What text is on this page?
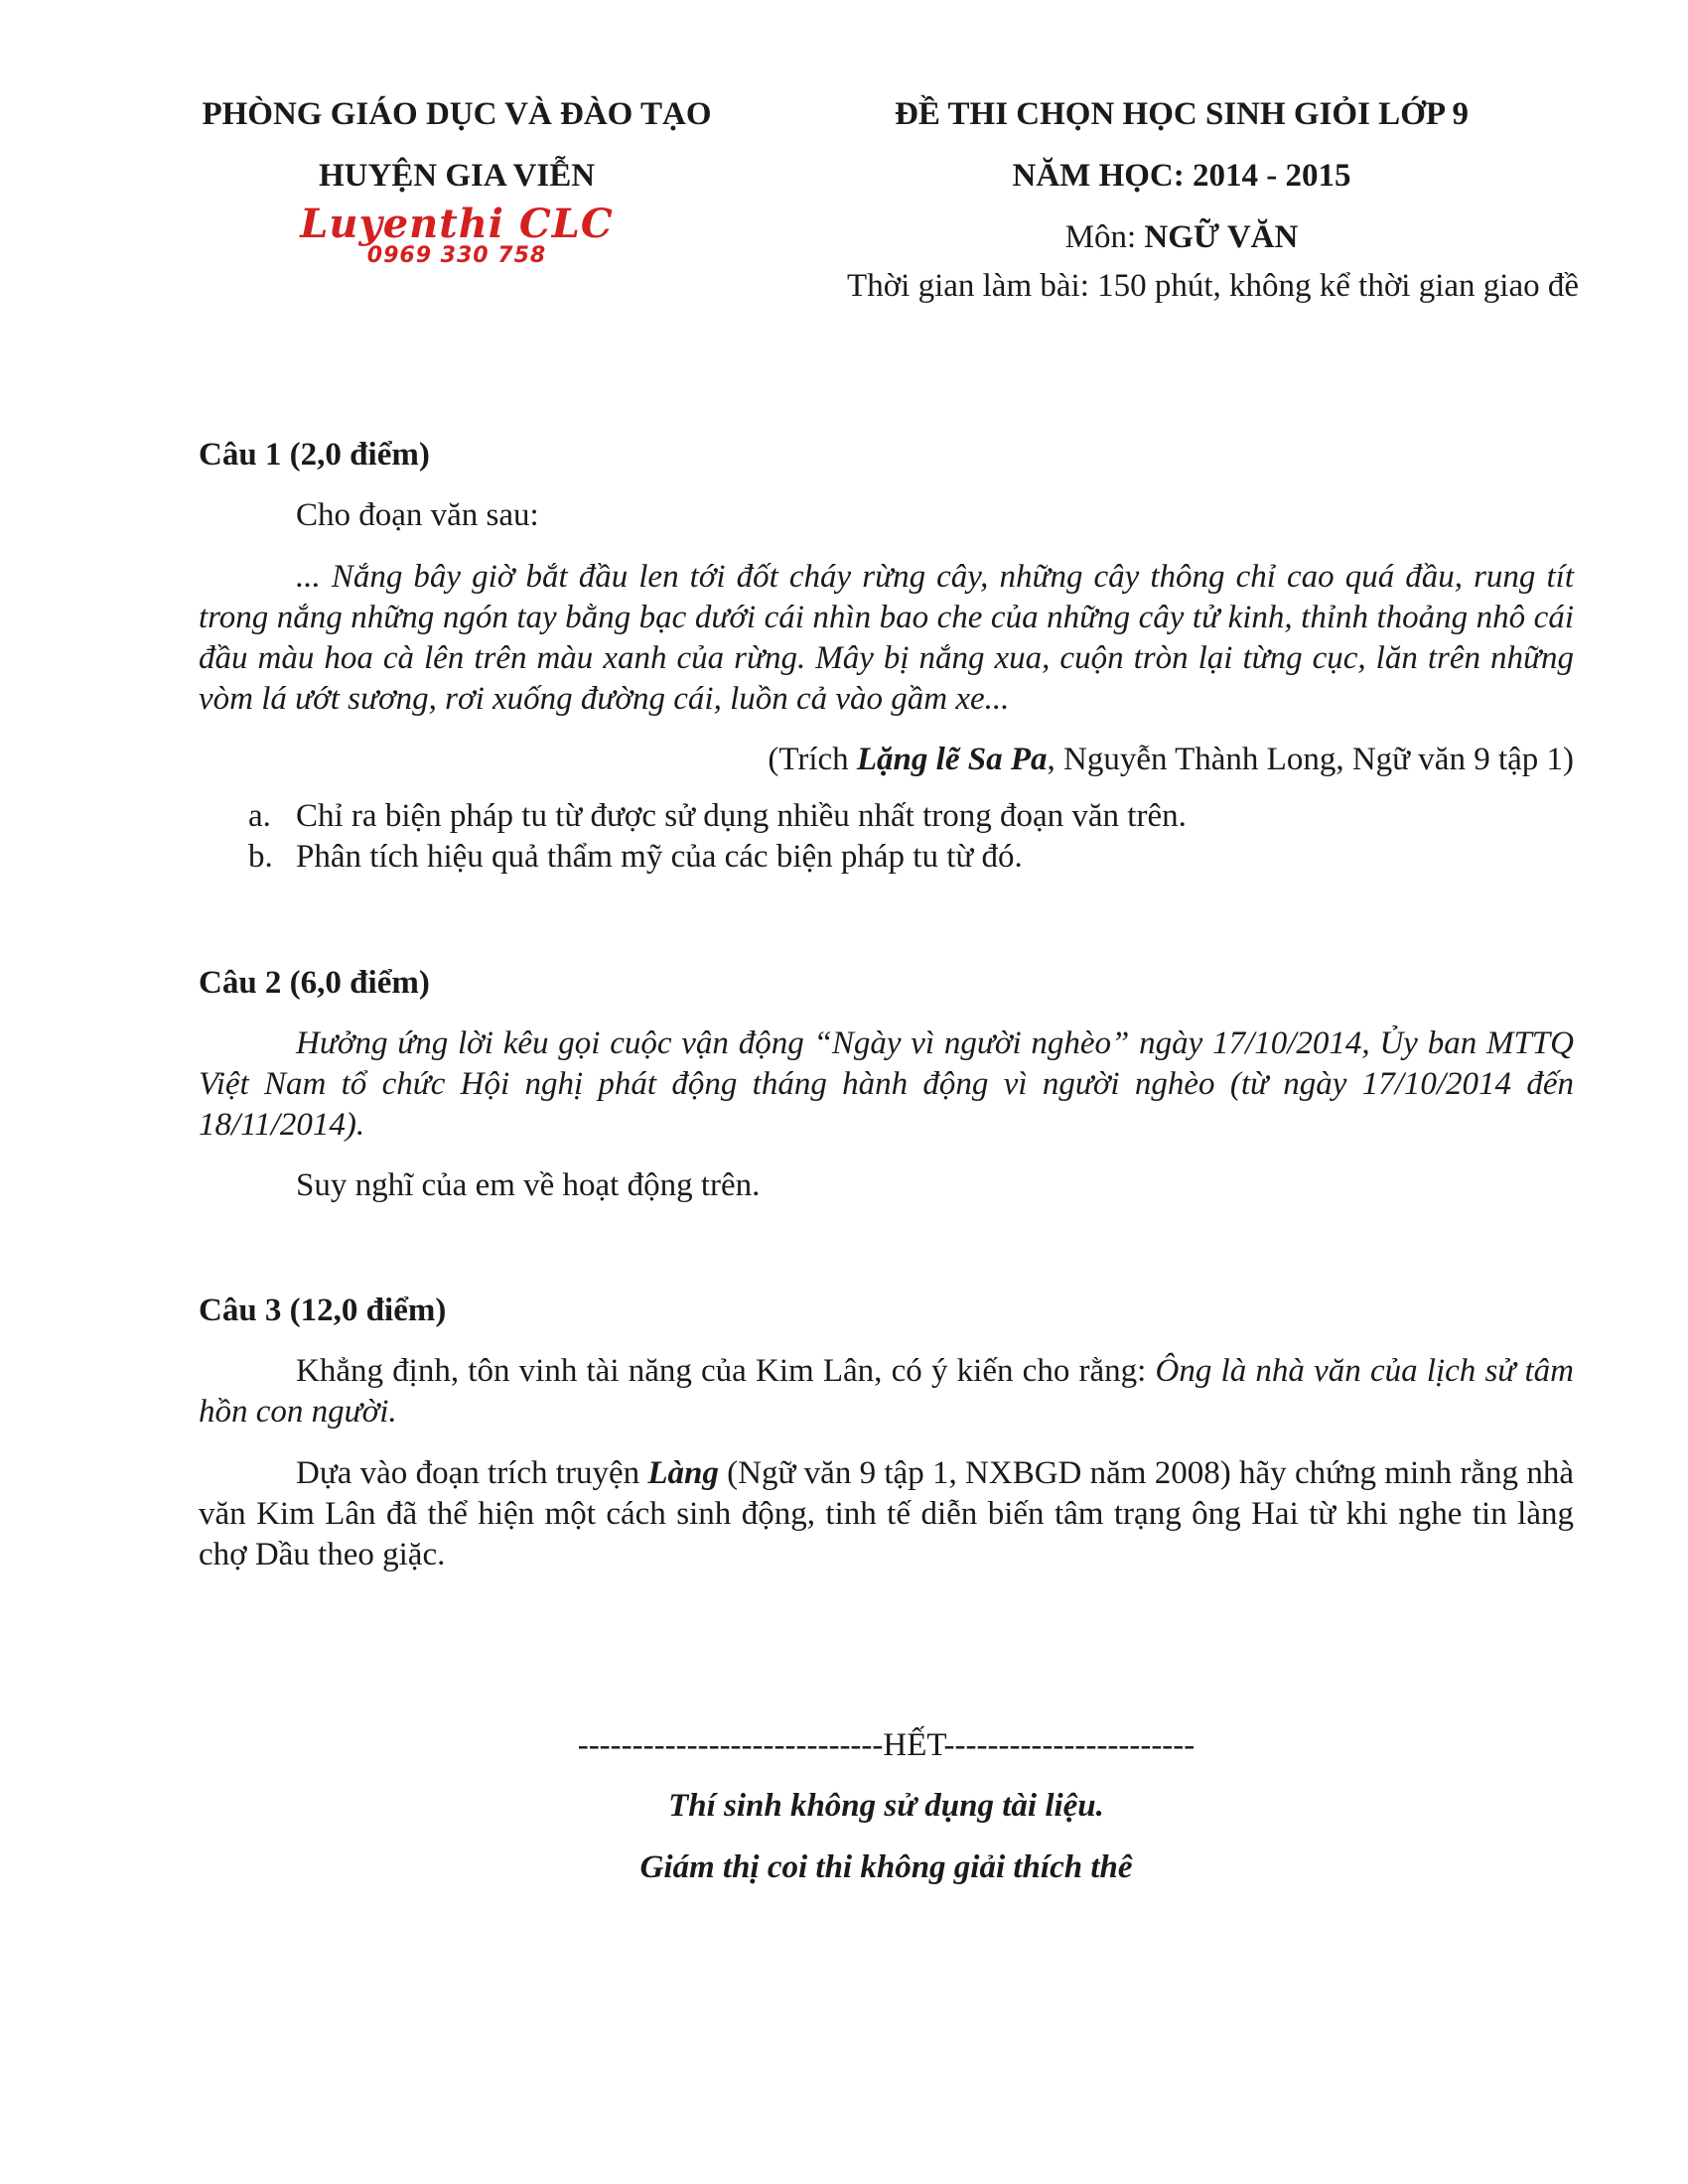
PHÒNG GIÁO DỤC VÀ ĐÀO TẠO
HUYỆN GIA VIỄN
Luyenthi CLC
0969 330 758
ĐỀ THI CHỌN HỌC SINH GIỎI LỚP 9
NĂM HỌC: 2014 - 2015
Môn: NGỮ VĂN
Thời gian làm bài: 150 phút, không kể thời gian giao đề

Câu 1 (2,0 điểm)

Cho đoạn văn sau:

... Nắng bây giờ bắt đầu len tới đốt cháy rừng cây, những cây thông chỉ cao quá đầu, rung tít trong nắng những ngón tay bằng bạc dưới cái nhìn bao che của những cây tử kinh, thỉnh thoảng nhô cái đầu màu hoa cà lên trên màu xanh của rừng. Mây bị nắng xua, cuộn tròn lại từng cục, lăn trên những vòm lá ướt sương, rơi xuống đường cái, luồn cả vào gầm xe...

(Trích Lặng lẽ Sa Pa, Nguyễn Thành Long, Ngữ văn 9 tập 1)

a. Chỉ ra biện pháp tu từ được sử dụng nhiều nhất trong đoạn văn trên.
b. Phân tích hiệu quả thẩm mỹ của các biện pháp tu từ đó.

Câu 2 (6,0 điểm)

Hưởng ứng lời kêu gọi cuộc vận động “Ngày vì người nghèo” ngày 17/10/2014, Ủy ban MTTQ Việt Nam tổ chức Hội nghị phát động tháng hành động vì người nghèo (từ ngày 17/10/2014 đến 18/11/2014).

Suy nghĩ của em về hoạt động trên.

Câu 3 (12,0 điểm)

Khẳng định, tôn vinh tài năng của Kim Lân, có ý kiến cho rằng: Ông là nhà văn của lịch sử tâm hồn con người.

Dựa vào đoạn trích truyện Làng (Ngữ văn 9 tập 1, NXBGD năm 2008) hãy chứng minh rằng nhà văn Kim Lân đã thể hiện một cách sinh động, tinh tế diễn biến tâm trạng ông Hai từ khi nghe tin làng chợ Dầu theo giặc.

----------------------------HẾT-----------------------
Thí sinh không sử dụng tài liệu.
Giám thị coi thi không giải thích thê
